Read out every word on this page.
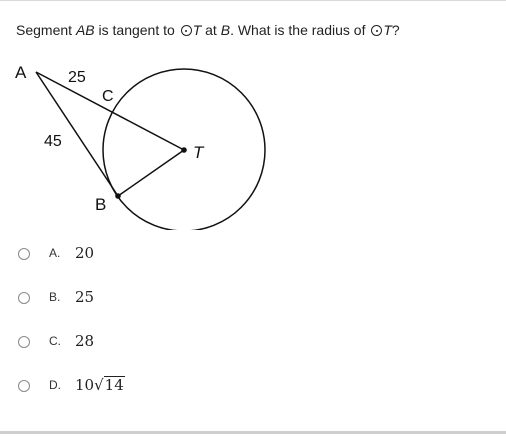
Segment AB is tangent to T at B. What is the radius of T?
A	25
C
45
T
B
A. 20
B. 25
C. 28
D. 10√14
